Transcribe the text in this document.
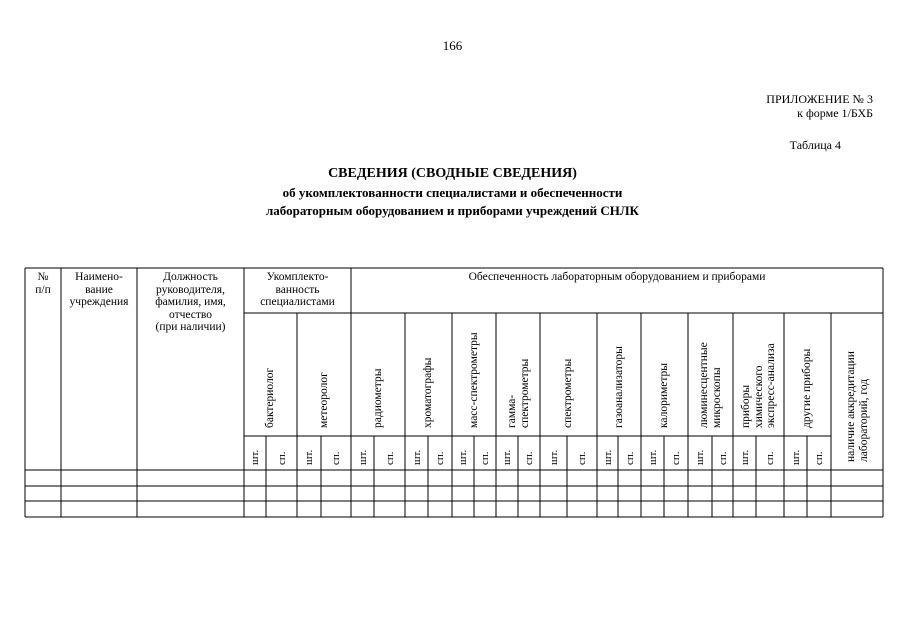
166
ПРИЛОЖЕНИЕ № 3
к форме 1/БХБ
Таблица 4
СВЕДЕНИЯ (СВОДНЫЕ СВЕДЕНИЯ)
об укомплектованности специалистами и обеспеченности
лабораторным оборудованием и приборами учреждений СНЛК
№
п/п
Наимено-
вание
учреждения
Должность
руководителя,
фамилия, имя,
отчество
(при наличии)
Укомплекто-
ванность
специалистами
Обеспеченность лабораторным оборудованием и приборами
бактериолог
шт. сп.
метеоролог
шт. сп.
радиометры
шт. сп.
хроматографы
шт. сп.
масс-спектрометры
шт. сп.
гамма- спектрометры
шт. сп.
спектрометры
шт. сп.
газоанализаторы
шт. сп.
калориметры
шт. сп.
люминесцентные микроскопы
шт. сп.
приборы химического экспресс-анализа
шт. сп.
другие приборы
шт. сп. наличие аккредитации лабораторий, год
